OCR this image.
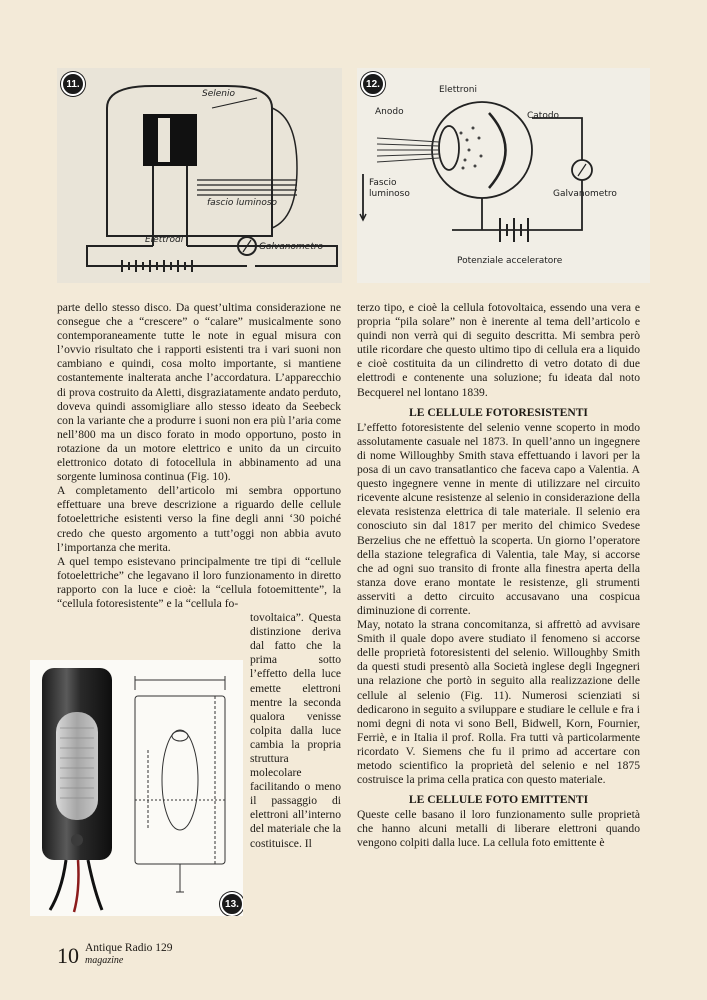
Selenio
fascio luminoso
Elettrodi
Galvanometro
11.
Elettroni
Anodo	Catodo
Fascio
luminoso	Galvanometro
Potenziale acceleratore
12.
13.

parte dello stesso disco. Da quest’ultima considerazione ne consegue che a “crescere” o “calare” musicalmente sono contemporaneamente tutte le note in egual misura con l’ovvio risultato che i rapporti esistenti tra i vari suoni non cambiano e quindi, cosa molto importante, si mantiene costantemente inalterata anche l’accordatura. L’apparecchio di prova costruito da Aletti, disgraziatamente andato perduto, doveva quindi assomigliare allo stesso ideato da Seebeck con la variante che a produrre i suoni non era più l’aria come nell’800 ma un disco forato in modo opportuno, posto in rotazione da un motore elettrico e unito da un circuito elettronico dotato di fotocellula in abbinamento ad una sorgente luminosa continua (Fig. 10).

A completamento dell’articolo mi sembra opportuno effettuare una breve descrizione a riguardo delle cellule fotoelettriche esistenti verso la fine degli anni ‘30 poiché credo che questo argomento a tutt’oggi non abbia avuto l’importanza che merita.

A quel tempo esistevano principalmente tre tipi di “cellule fotoelettriche” che legavano il loro funzionamento in diretto rapporto con la luce e cioè: la “cellula fotoemittente”, la “cellula fotoresistente” e la “cellula fo-

tovoltaica”. Questa distinzione deriva dal fatto che la prima sotto l’effetto della luce emette elettroni mentre la seconda qualora venisse colpita dalla luce cambia la propria struttura molecolare facilitando o meno il passaggio di elettroni all’interno del materiale che la costituisce. Il

terzo tipo, e cioè la cellula fotovoltaica, essendo una vera e propria “pila solare” non è inerente al tema dell’articolo e quindi non verrà qui di seguito descritta. Mi sembra però utile ricordare che questo ultimo tipo di cellula era a liquido e cioè costituita da un cilindretto di vetro dotato di due elettrodi e contenente una soluzione; fu ideata dal noto Becquerel nel lontano 1839.

LE CELLULE FOTORESISTENTI

L’effetto fotoresistente del selenio venne scoperto in modo assolutamente casuale nel 1873. In quell’anno un ingegnere di nome Willoughby Smith stava effettuando i lavori per la posa di un cavo transatlantico che faceva capo a Valentia. A questo ingegnere venne in mente di utilizzare nel circuito ricevente alcune resistenze al selenio in considerazione della elevata resistenza elettrica di tale materiale. Il selenio era conosciuto sin dal 1817 per merito del chimico Svedese Berzelius che ne effettuò la scoperta. Un giorno l’operatore della stazione telegrafica di Valentia, tale May, si accorse che ad ogni suo transito di fronte alla finestra aperta della stanza dove erano montate le resistenze, gli strumenti asserviti a detto circuito accusavano una cospicua diminuzione di corrente.

May, notato la strana concomitanza, si affrettò ad avvisare Smith il quale dopo avere studiato il fenomeno si accorse delle proprietà fotoresistenti del selenio. Willoughby Smith da questi studi presentò alla Società inglese degli Ingegneri una relazione che portò in seguito alla realizzazione delle cellule al selenio (Fig. 11). Numerosi scienziati si dedicarono in seguito a sviluppare e studiare le cellule e fra i nomi degni di nota vi sono Bell, Bidwell, Korn, Fournier, Ferriè, e in Italia il prof. Rolla. Fra tutti và particolarmente ricordato V. Siemens che fu il primo ad accertare con metodo scientifico la proprietà del selenio e nel 1875 costruisce la prima cella pratica con questo materiale.

LE CELLULE FOTO EMITTENTI

Queste celle basano il loro funzionamento sulle proprietà che hanno alcuni metalli di liberare elettroni quando vengono colpiti dalla luce. La cellula foto emittente è

10 Antique Radio 129
magazine
